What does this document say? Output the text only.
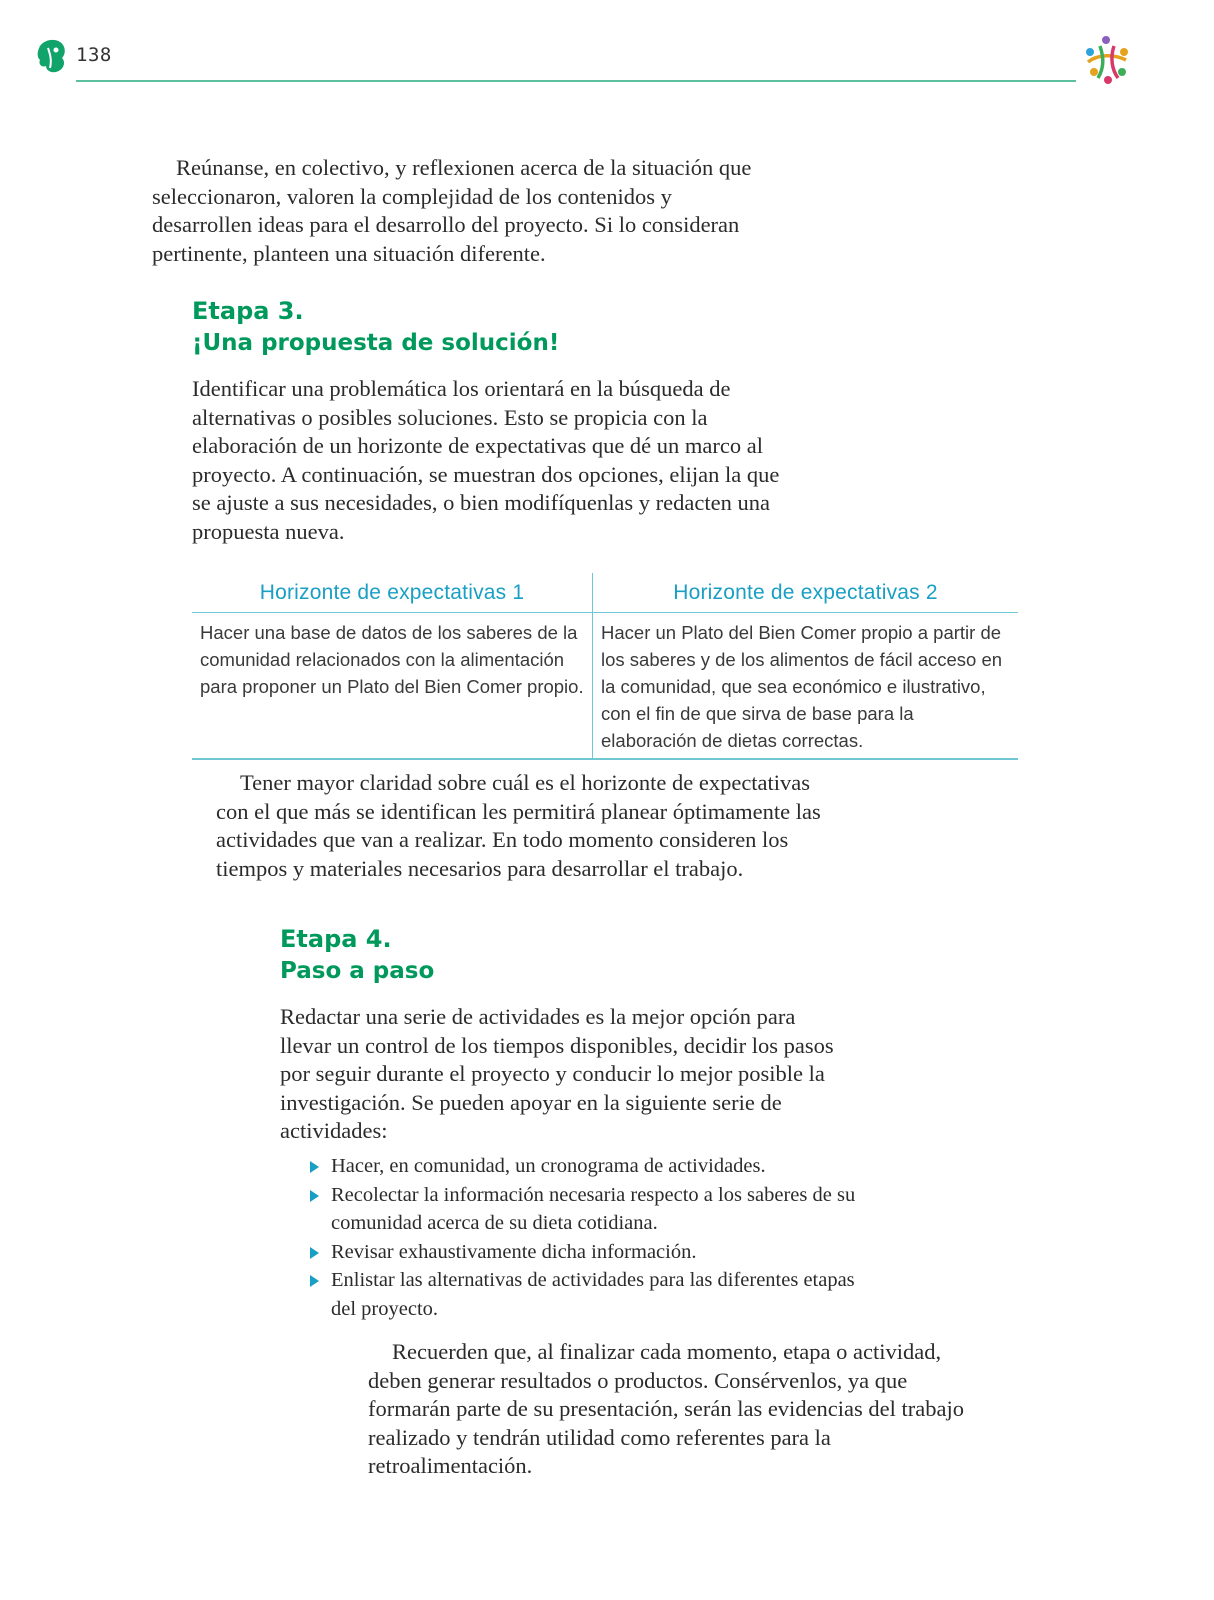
138

Reúnanse, en colectivo, y reflexionen acerca de la situación que seleccionaron, valoren la complejidad de los contenidos y desarrollen ideas para el desarrollo del proyecto. Si lo consideran pertinente, planteen una situación diferente.

Etapa 3.
¡Una propuesta de solución!

Identificar una problemática los orientará en la búsqueda de alternativas o posibles soluciones. Esto se propicia con la elaboración de un horizonte de expectativas que dé un marco al proyecto. A continuación, se muestran dos opciones, elijan la que se ajuste a sus necesidades, o bien modifíquenlas y redacten una propuesta nueva.

Horizonte de expectativas 1	Horizonte de expectativas 2
Hacer una base de datos de los saberes de la comunidad relacionados con la alimentación para proponer un Plato del Bien Comer propio.
Hacer un Plato del Bien Comer propio a partir de los saberes y de los alimentos de fácil acceso en la comunidad, que sea económico e ilustrativo, con el fin de que sirva de base para la elaboración de dietas correctas.

Tener mayor claridad sobre cuál es el horizonte de expectativas con el que más se identifican les permitirá planear óptimamente las actividades que van a realizar. En todo momento consideren los tiempos y materiales necesarios para desarrollar el trabajo.

Etapa 4.
Paso a paso

Redactar una serie de actividades es la mejor opción para llevar un control de los tiempos disponibles, decidir los pasos por seguir durante el proyecto y conducir lo mejor posible la investigación. Se pueden apoyar en la siguiente serie de actividades:

Hacer, en comunidad, un cronograma de actividades.
Recolectar la información necesaria respecto a los saberes de su comunidad acerca de su dieta cotidiana.
Revisar exhaustivamente dicha información.
Enlistar las alternativas de actividades para las diferentes etapas del proyecto.

Recuerden que, al finalizar cada momento, etapa o actividad, deben generar resultados o productos. Consérvenlos, ya que formarán parte de su presentación, serán las evidencias del trabajo realizado y tendrán utilidad como referentes para la retroalimentación.
